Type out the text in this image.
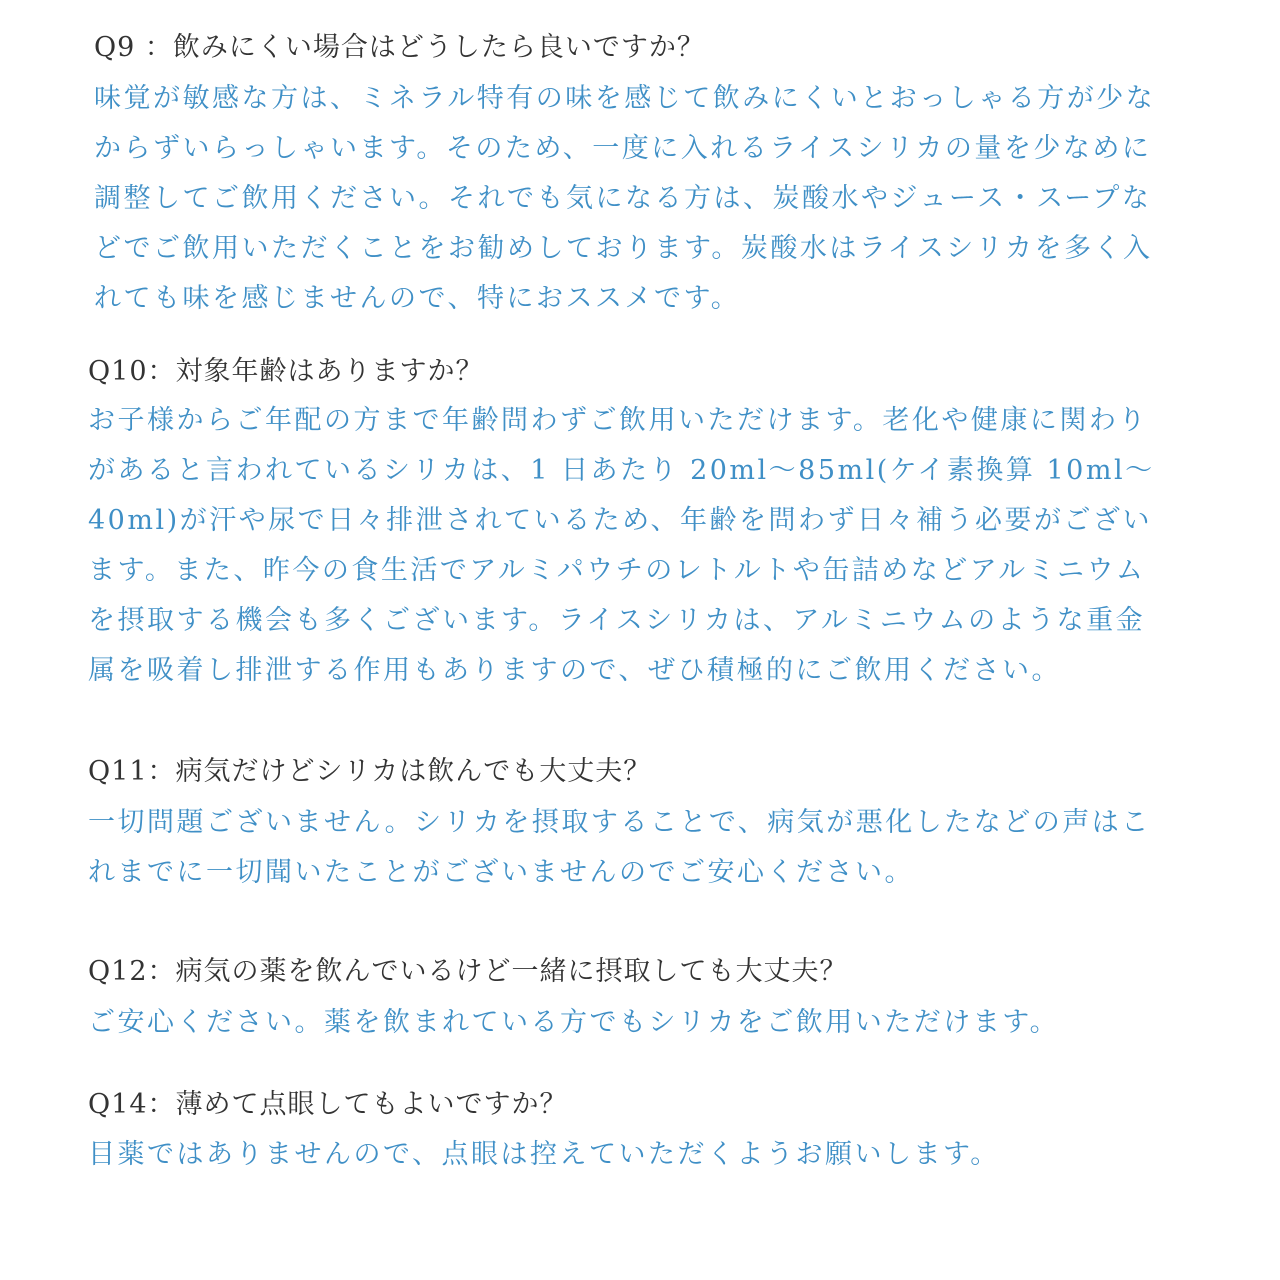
Q9 ：飲みにくい場合はどうしたら良いですか？

味覚が敏感な方は、ミネラル特有の味を感じて飲みにくいとおっしゃる方が少なからずいらっしゃいます。そのため、一度に入れるライスシリカの量を少なめに調整してご飲用ください。それでも気になる方は、炭酸水やジュース・スープなどでご飲用いただくことをお勧めしております。炭酸水はライスシリカを多く入れても味を感じませんので、特におススメです。

Q10：対象年齢はありますか？

お子様からご年配の方まで年齢問わずご飲用いただけます。老化や健康に関わりがあると言われているシリカは、1 日あたり 20ml～85ml(ケイ素換算 10ml～40ml)が汗や尿で日々排泄されているため、年齢を問わず日々補う必要がございます。また、昨今の食生活でアルミパウチのレトルトや缶詰めなどアルミニウムを摂取する機会も多くございます。ライスシリカは、アルミニウムのような重金属を吸着し排泄する作用もありますので、ぜひ積極的にご飲用ください。

Q11：病気だけどシリカは飲んでも大丈夫？

一切問題ございません。シリカを摂取することで、病気が悪化したなどの声はこれまでに一切聞いたことがございませんのでご安心ください。

Q12：病気の薬を飲んでいるけど一緒に摂取しても大丈夫？

ご安心ください。薬を飲まれている方でもシリカをご飲用いただけます。

Q14：薄めて点眼してもよいですか？

目薬ではありませんので、点眼は控えていただくようお願いします。
